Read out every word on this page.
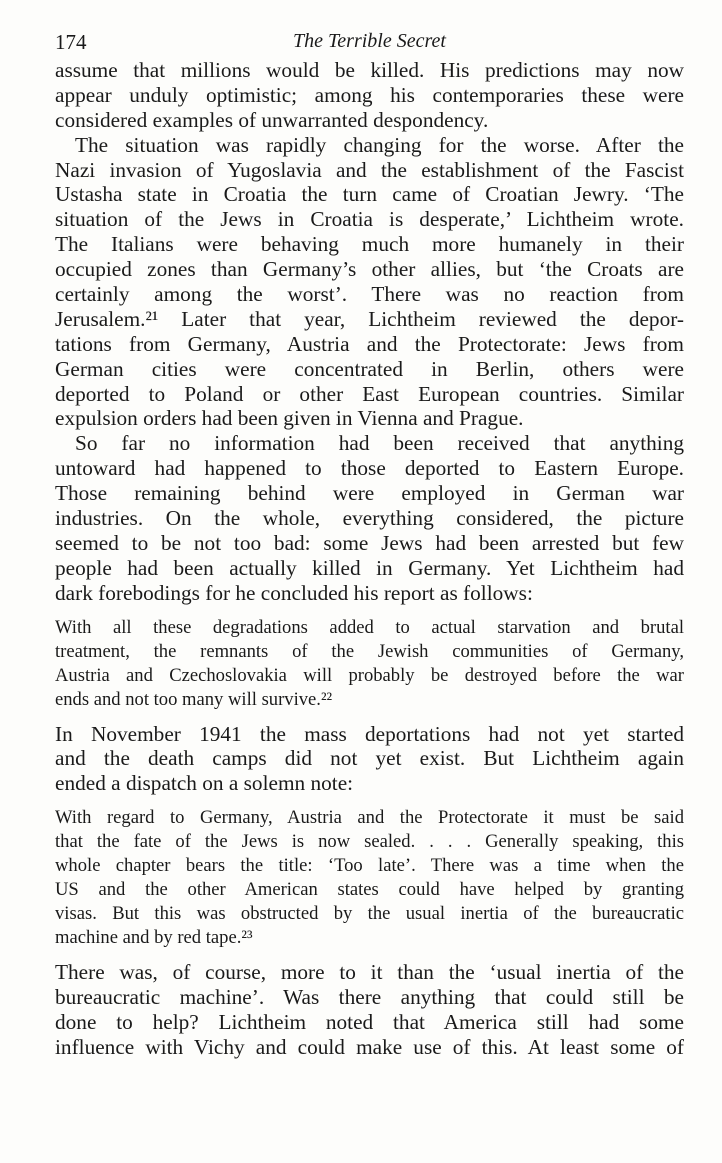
174	The Terrible Secret
assume that millions would be killed. His predictions may now
appear unduly optimistic; among his contemporaries these were
considered examples of unwarranted despondency.
The situation was rapidly changing for the worse. After the
Nazi invasion of Yugoslavia and the establishment of the Fascist
Ustasha state in Croatia the turn came of Croatian Jewry. ‘The
situation of the Jews in Croatia is desperate,’ Lichtheim wrote.
The Italians were behaving much more humanely in their
occupied zones than Germany’s other allies, but ‘the Croats are
certainly among the worst’. There was no reaction from
Jerusalem.²¹ Later that year, Lichtheim reviewed the depor-
tations from Germany, Austria and the Protectorate: Jews from
German cities were concentrated in Berlin, others were
deported to Poland or other East European countries. Similar
expulsion orders had been given in Vienna and Prague.
So far no information had been received that anything
untoward had happened to those deported to Eastern Europe.
Those remaining behind were employed in German war
industries. On the whole, everything considered, the picture
seemed to be not too bad: some Jews had been arrested but few
people had been actually killed in Germany. Yet Lichtheim had
dark forebodings for he concluded his report as follows:
With all these degradations added to actual starvation and brutal
treatment, the remnants of the Jewish communities of Germany,
Austria and Czechoslovakia will probably be destroyed before the war
ends and not too many will survive.²²
In November 1941 the mass deportations had not yet started
and the death camps did not yet exist. But Lichtheim again
ended a dispatch on a solemn note:
With regard to Germany, Austria and the Protectorate it must be said
that the fate of the Jews is now sealed. . . . Generally speaking, this
whole chapter bears the title: ‘Too late’. There was a time when the
US and the other American states could have helped by granting
visas. But this was obstructed by the usual inertia of the bureaucratic
machine and by red tape.²³
There was, of course, more to it than the ‘usual inertia of the
bureaucratic machine’. Was there anything that could still be
done to help? Lichtheim noted that America still had some
influence with Vichy and could make use of this. At least some of
